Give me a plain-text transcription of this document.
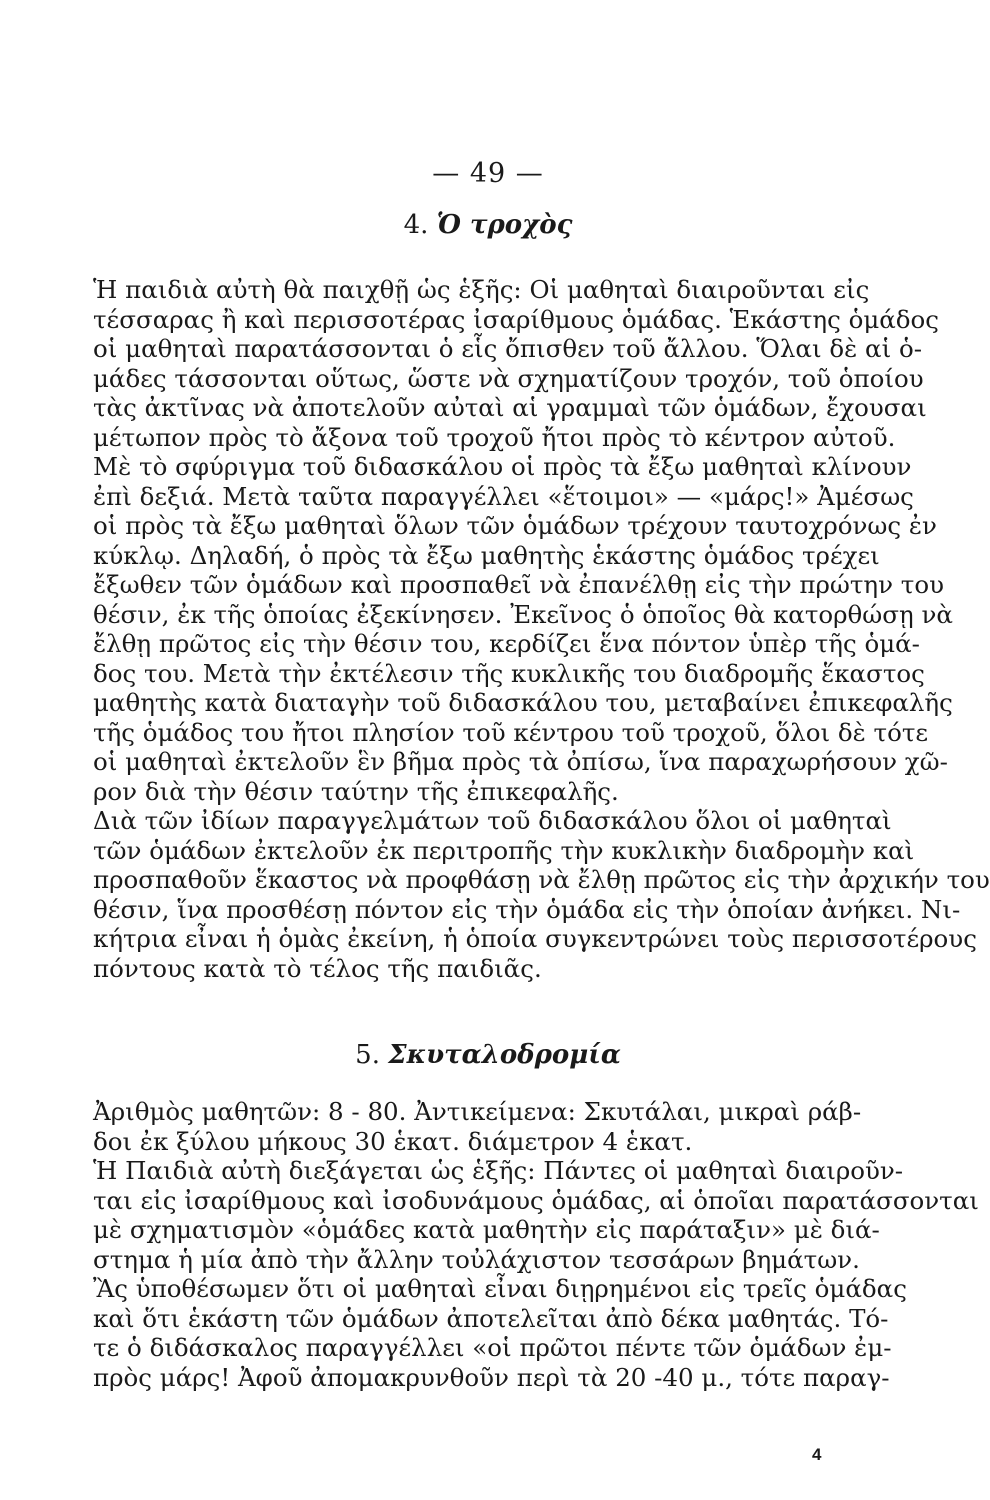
— 49 —
4. Ὁ τροχὸς
Ἡ παιδιὰ αὐτὴ θὰ παιχθῇ ὡς ἑξῆς: Οἱ μαθηταὶ διαιροῦνται εἰς
τέσσαρας ἢ καὶ περισσοτέρας ἰσαρίθμους ὁμάδας. Ἑκάστης ὁμάδος
οἱ μαθηταὶ παρατάσσονται ὁ εἷς ὄπισθεν τοῦ ἄλλου. Ὅλαι δὲ αἱ ὁ-
μάδες τάσσονται οὕτως, ὥστε νὰ σχηματίζουν τροχόν, τοῦ ὁποίου
τὰς ἀκτῖνας νὰ ἀποτελοῦν αὐταὶ αἱ γραμμαὶ τῶν ὁμάδων, ἔχουσαι
μέτωπον πρὸς τὸ ἄξονα τοῦ τροχοῦ ἤτοι πρὸς τὸ κέντρον αὐτοῦ.
Μὲ τὸ σφύριγμα τοῦ διδασκάλου οἱ πρὸς τὰ ἔξω μαθηταὶ κλίνουν
ἐπὶ δεξιά. Μετὰ ταῦτα παραγγέλλει «ἕτοιμοι» — «μάρς!» Ἀμέσως
οἱ πρὸς τὰ ἔξω μαθηταὶ ὅλων τῶν ὁμάδων τρέχουν ταυτοχρόνως ἐν
κύκλῳ. Δηλαδή, ὁ πρὸς τὰ ἔξω μαθητὴς ἑκάστης ὁμάδος τρέχει
ἔξωθεν τῶν ὁμάδων καὶ προσπαθεῖ νὰ ἐπανέλθῃ εἰς τὴν πρώτην του
θέσιν, ἐκ τῆς ὁποίας ἐξεκίνησεν. Ἐκεῖνος ὁ ὁποῖος θὰ κατορθώσῃ νὰ
ἔλθῃ πρῶτος εἰς τὴν θέσιν του, κερδίζει ἕνα πόντον ὑπὲρ τῆς ὁμά-
δος του. Μετὰ τὴν ἐκτέλεσιν τῆς κυκλικῆς του διαδρομῆς ἕκαστος
μαθητὴς κατὰ διαταγὴν τοῦ διδασκάλου του, μεταβαίνει ἐπικεφαλῆς
τῆς ὁμάδος του ἤτοι πλησίον τοῦ κέντρου τοῦ τροχοῦ, ὅλοι δὲ τότε
οἱ μαθηταὶ ἐκτελοῦν ἓν βῆμα πρὸς τὰ ὀπίσω, ἵνα παραχωρήσουν χῶ-
ρον διὰ τὴν θέσιν ταύτην τῆς ἐπικεφαλῆς.
Διὰ τῶν ἰδίων παραγγελμάτων τοῦ διδασκάλου ὅλοι οἱ μαθηταὶ
τῶν ὁμάδων ἐκτελοῦν ἐκ περιτροπῆς τὴν κυκλικὴν διαδρομὴν καὶ
προσπαθοῦν ἕκαστος νὰ προφθάσῃ νὰ ἔλθῃ πρῶτος εἰς τὴν ἀρχικήν του
θέσιν, ἵνα προσθέσῃ πόντον εἰς τὴν ὁμάδα εἰς τὴν ὁποίαν ἀνήκει. Νι-
κήτρια εἶναι ἡ ὁμὰς ἐκείνη, ἡ ὁποία συγκεντρώνει τοὺς περισσοτέρους
πόντους κατὰ τὸ τέλος τῆς παιδιᾶς.
5. Σκυταλοδρομία
Ἀριθμὸς μαθητῶν: 8 - 80. Ἀντικείμενα: Σκυτάλαι, μικραὶ ράβ-
δοι ἐκ ξύλου μήκους 30 ἑκατ. διάμετρον 4 ἑκατ.
Ἡ Παιδιὰ αὐτὴ διεξάγεται ὡς ἑξῆς: Πάντες οἱ μαθηταὶ διαιροῦν-
ται εἰς ἰσαρίθμους καὶ ἰσοδυνάμους ὁμάδας, αἱ ὁποῖαι παρατάσσονται
μὲ σχηματισμὸν «ὁμάδες κατὰ μαθητὴν εἰς παράταξιν» μὲ διά-
στημα ἡ μία ἀπὸ τὴν ἄλλην τοὐλάχιστον τεσσάρων βημάτων.
Ἂς ὑποθέσωμεν ὅτι οἱ μαθηταὶ εἶναι διῃρημένοι εἰς τρεῖς ὁμάδας
καὶ ὅτι ἑκάστη τῶν ὁμάδων ἀποτελεῖται ἀπὸ δέκα μαθητάς. Τό-
τε ὁ διδάσκαλος παραγγέλλει «οἱ πρῶτοι πέντε τῶν ὁμάδων ἐμ-
πρὸς μάρς! Ἀφοῦ ἀπομακρυνθοῦν περὶ τὰ 20 -40 μ., τότε παραγ-
4
